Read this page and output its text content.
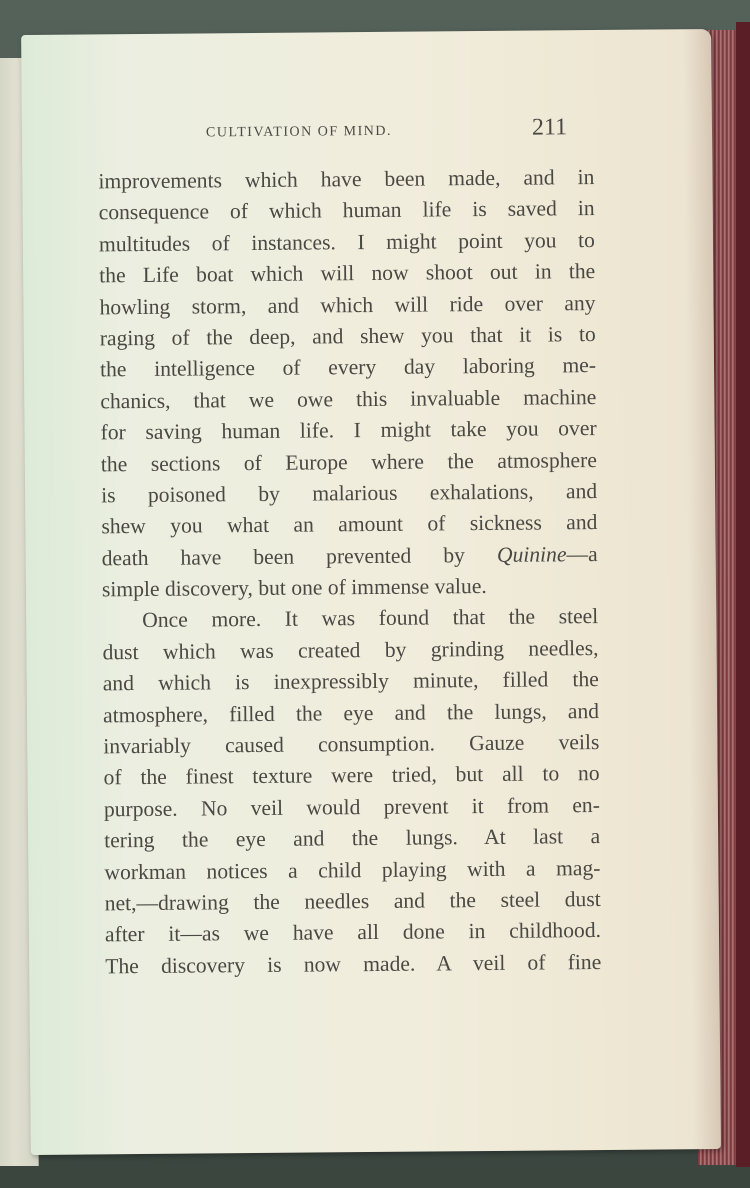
CULTIVATION OF MIND.	211
improvements which have been made, and in
consequence of which human life is saved in
multitudes of instances. I might point you to
the Life boat which will now shoot out in the
howling storm, and which will ride over any
raging of the deep, and shew you that it is to
the intelligence of every day laboring me-
chanics, that we owe this invaluable machine
for saving human life. I might take you over
the sections of Europe where the atmosphere
is poisoned by malarious exhalations, and
shew you what an amount of sickness and
death have been prevented by Quinine—a
simple discovery, but one of immense value.
Once more. It was found that the steel
dust which was created by grinding needles,
and which is inexpressibly minute, filled the
atmosphere, filled the eye and the lungs, and
invariably caused consumption. Gauze veils
of the finest texture were tried, but all to no
purpose. No veil would prevent it from en-
tering the eye and the lungs. At last a
workman notices a child playing with a mag-
net,—drawing the needles and the steel dust
after it—as we have all done in childhood.
The discovery is now made. A veil of fine
